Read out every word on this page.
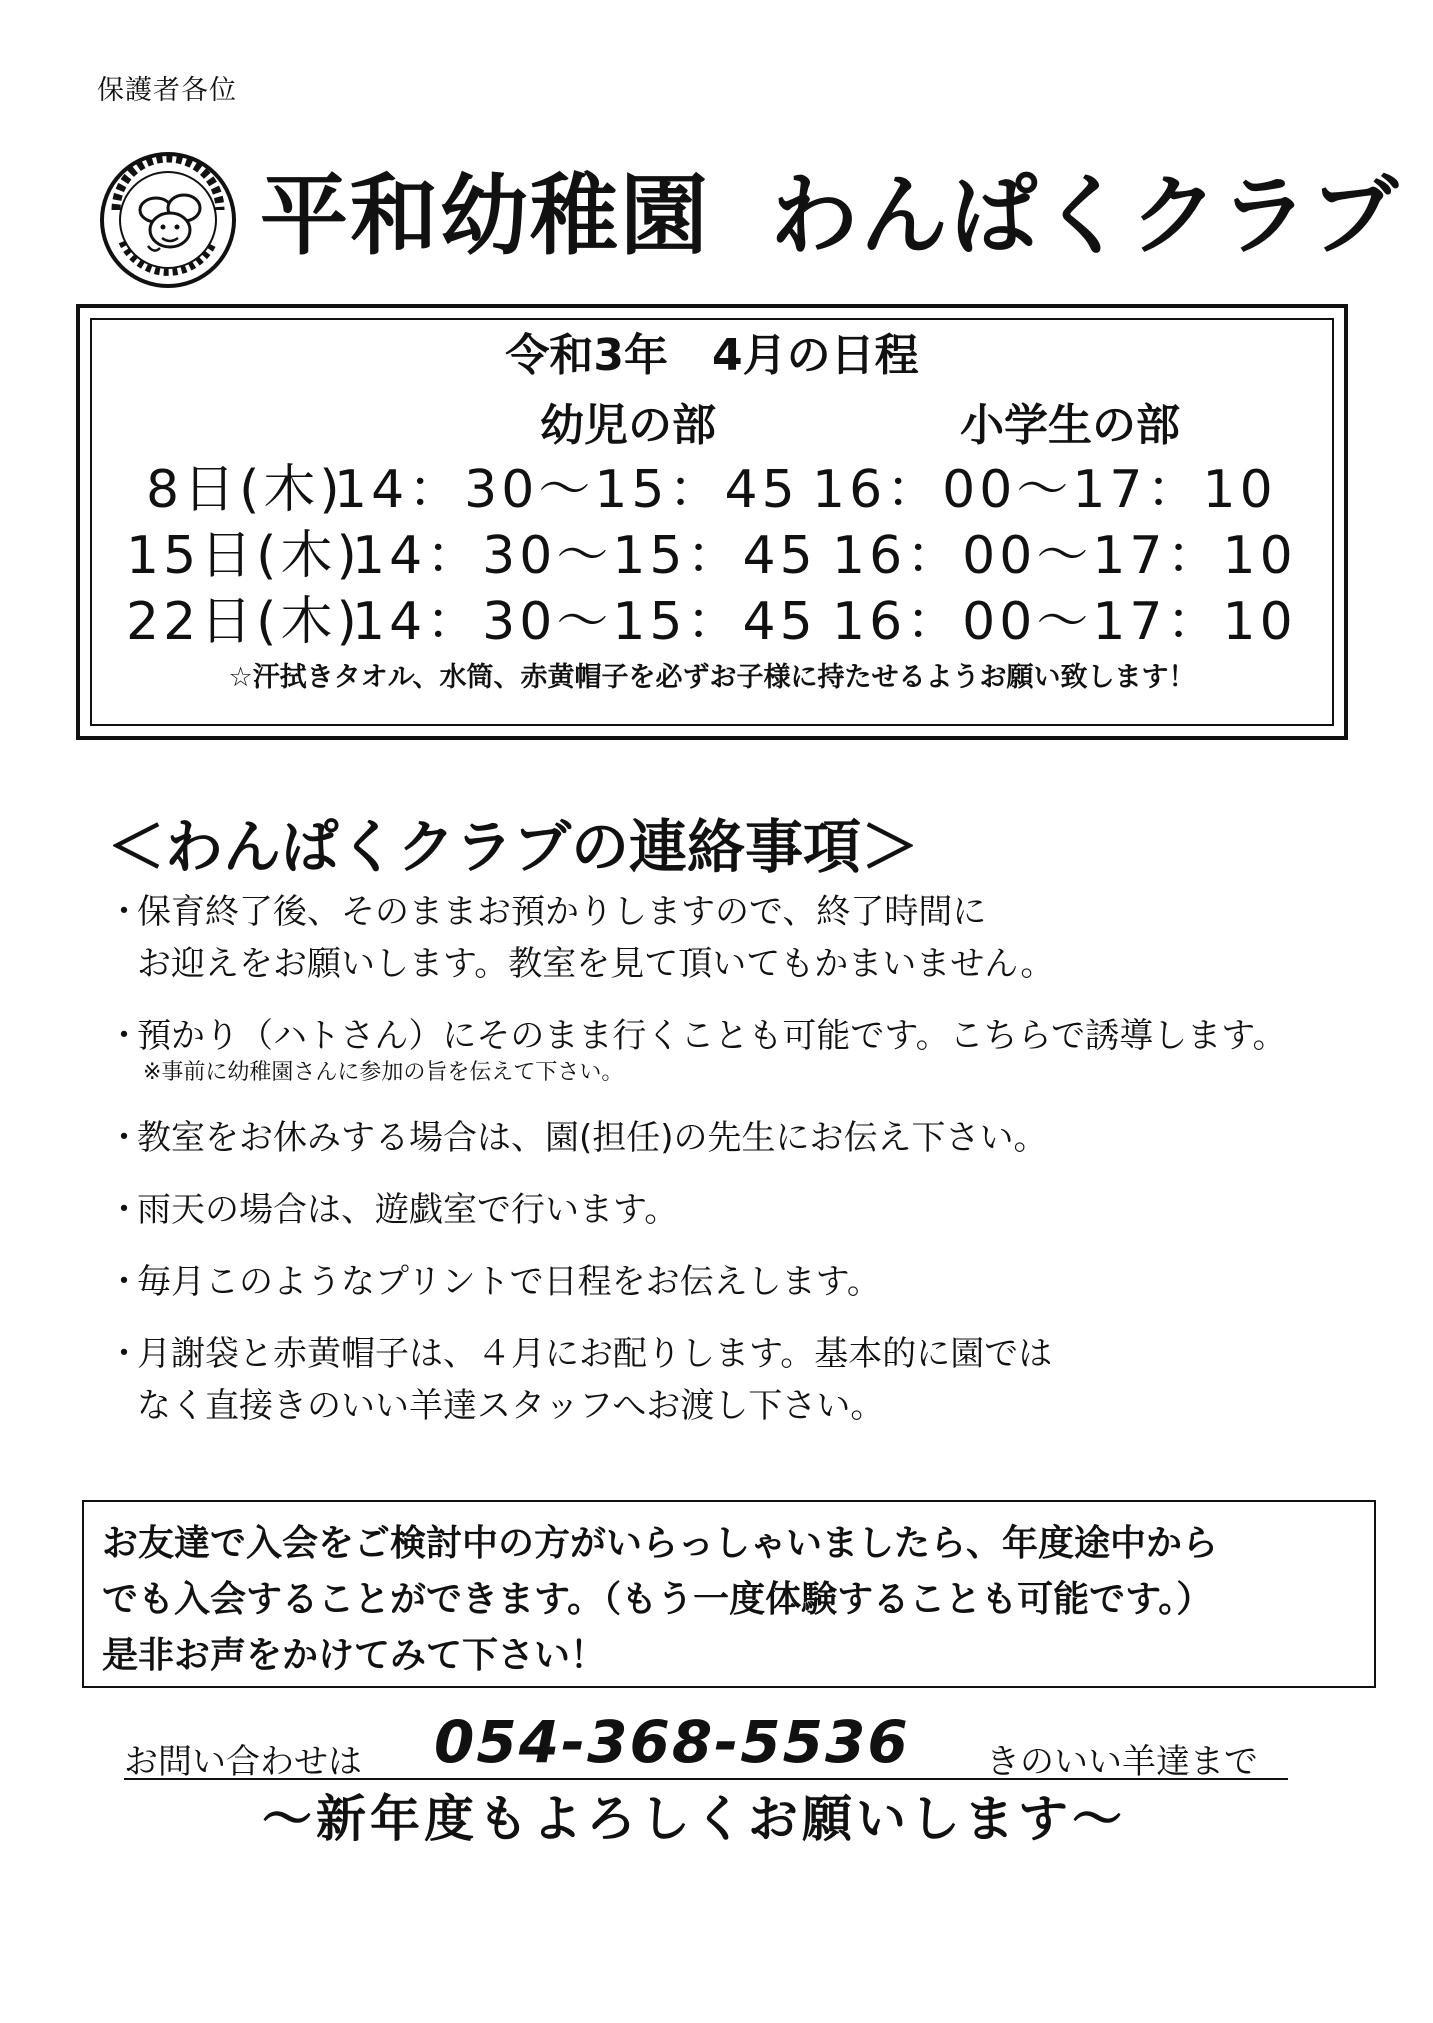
保護者各位
平和幼稚園 わんぱくクラブ
令和3年　4月の日程
幼児の部	小学生の部
8日(木)
14：30〜15：45 16：00〜17：10
15日(木)
14：30〜15：45 16：00〜17：10
22日(木)
14：30〜15：45 16：00〜17：10
☆汗拭きタオル、水筒、赤黄帽子を必ずお子様に持たせるようお願い致します！
＜わんぱくクラブの連絡事項＞
・
保育終了後、そのままお預かりしますので、終了時間に
お迎えをお願いします。教室を見て頂いてもかまいません。
・
預かり（ハトさん）にそのまま行くことも可能です。こちらで誘導します。
※事前に幼稚園さんに参加の旨を伝えて下さい。
・
教室をお休みする場合は、園(担任)の先生にお伝え下さい。
・
雨天の場合は、遊戯室で行います。
・
毎月このようなプリントで日程をお伝えします。
・
月謝袋と赤黄帽子は、４月にお配りします。基本的に園では
なく直接きのいい羊達スタッフへお渡し下さい。
お友達で入会をご検討中の方がいらっしゃいましたら、年度途中から
でも入会することができます。（もう一度体験することも可能です。）
是非お声をかけてみて下さい！
お問い合わせは 054-368-5536 きのいい羊達まで
〜新年度もよろしくお願いします〜
